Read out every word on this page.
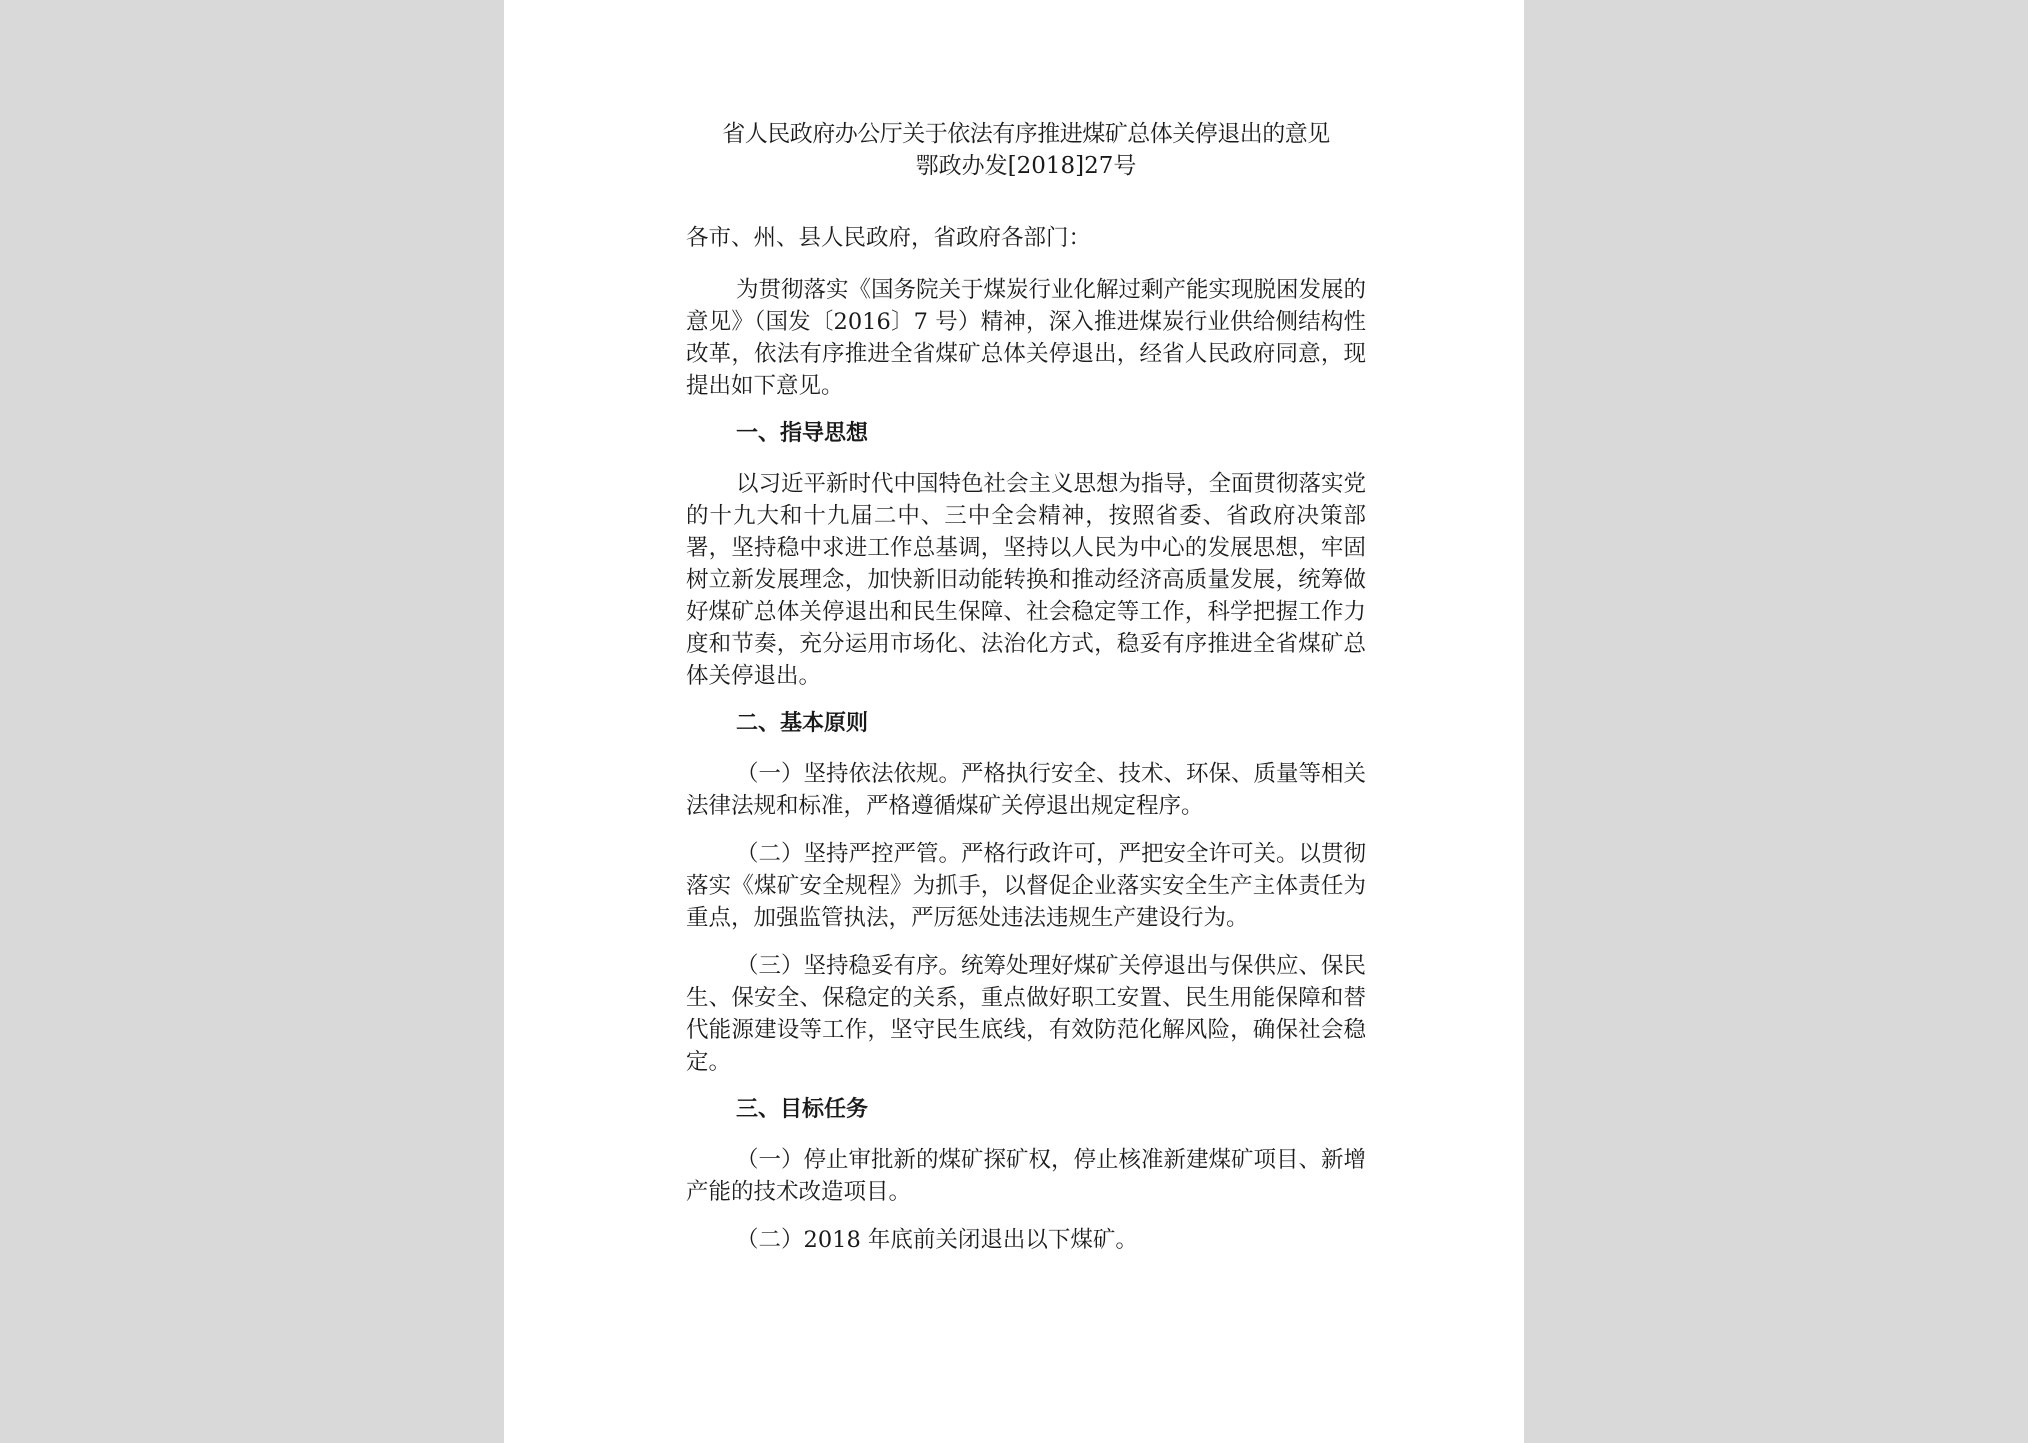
省人民政府办公厅关于依法有序推进煤矿总体关停退出的意见

鄂政办发[2018]27号

各市、州、县人民政府，省政府各部门：

为贯彻落实《国务院关于煤炭行业化解过剩产能实现脱困发展的意见》（国发〔2016〕7 号）精神，深入推进煤炭行业供给侧结构性改革，依法有序推进全省煤矿总体关停退出，经省人民政府同意，现提出如下意见。

一、指导思想

以习近平新时代中国特色社会主义思想为指导，全面贯彻落实党的十九大和十九届二中、三中全会精神，按照省委、省政府决策部署，坚持稳中求进工作总基调，坚持以人民为中心的发展思想，牢固树立新发展理念，加快新旧动能转换和推动经济高质量发展，统筹做好煤矿总体关停退出和民生保障、社会稳定等工作，科学把握工作力度和节奏，充分运用市场化、法治化方式，稳妥有序推进全省煤矿总体关停退出。

二、基本原则

（一）坚持依法依规。严格执行安全、技术、环保、质量等相关法律法规和标准，严格遵循煤矿关停退出规定程序。

（二）坚持严控严管。严格行政许可，严把安全许可关。以贯彻落实《煤矿安全规程》为抓手，以督促企业落实安全生产主体责任为重点，加强监管执法，严厉惩处违法违规生产建设行为。

（三）坚持稳妥有序。统筹处理好煤矿关停退出与保供应、保民生、保安全、保稳定的关系，重点做好职工安置、民生用能保障和替代能源建设等工作，坚守民生底线，有效防范化解风险，确保社会稳定。

三、目标任务

（一）停止审批新的煤矿探矿权，停止核准新建煤矿项目、新增产能的技术改造项目。

（二）2018 年底前关闭退出以下煤矿。
